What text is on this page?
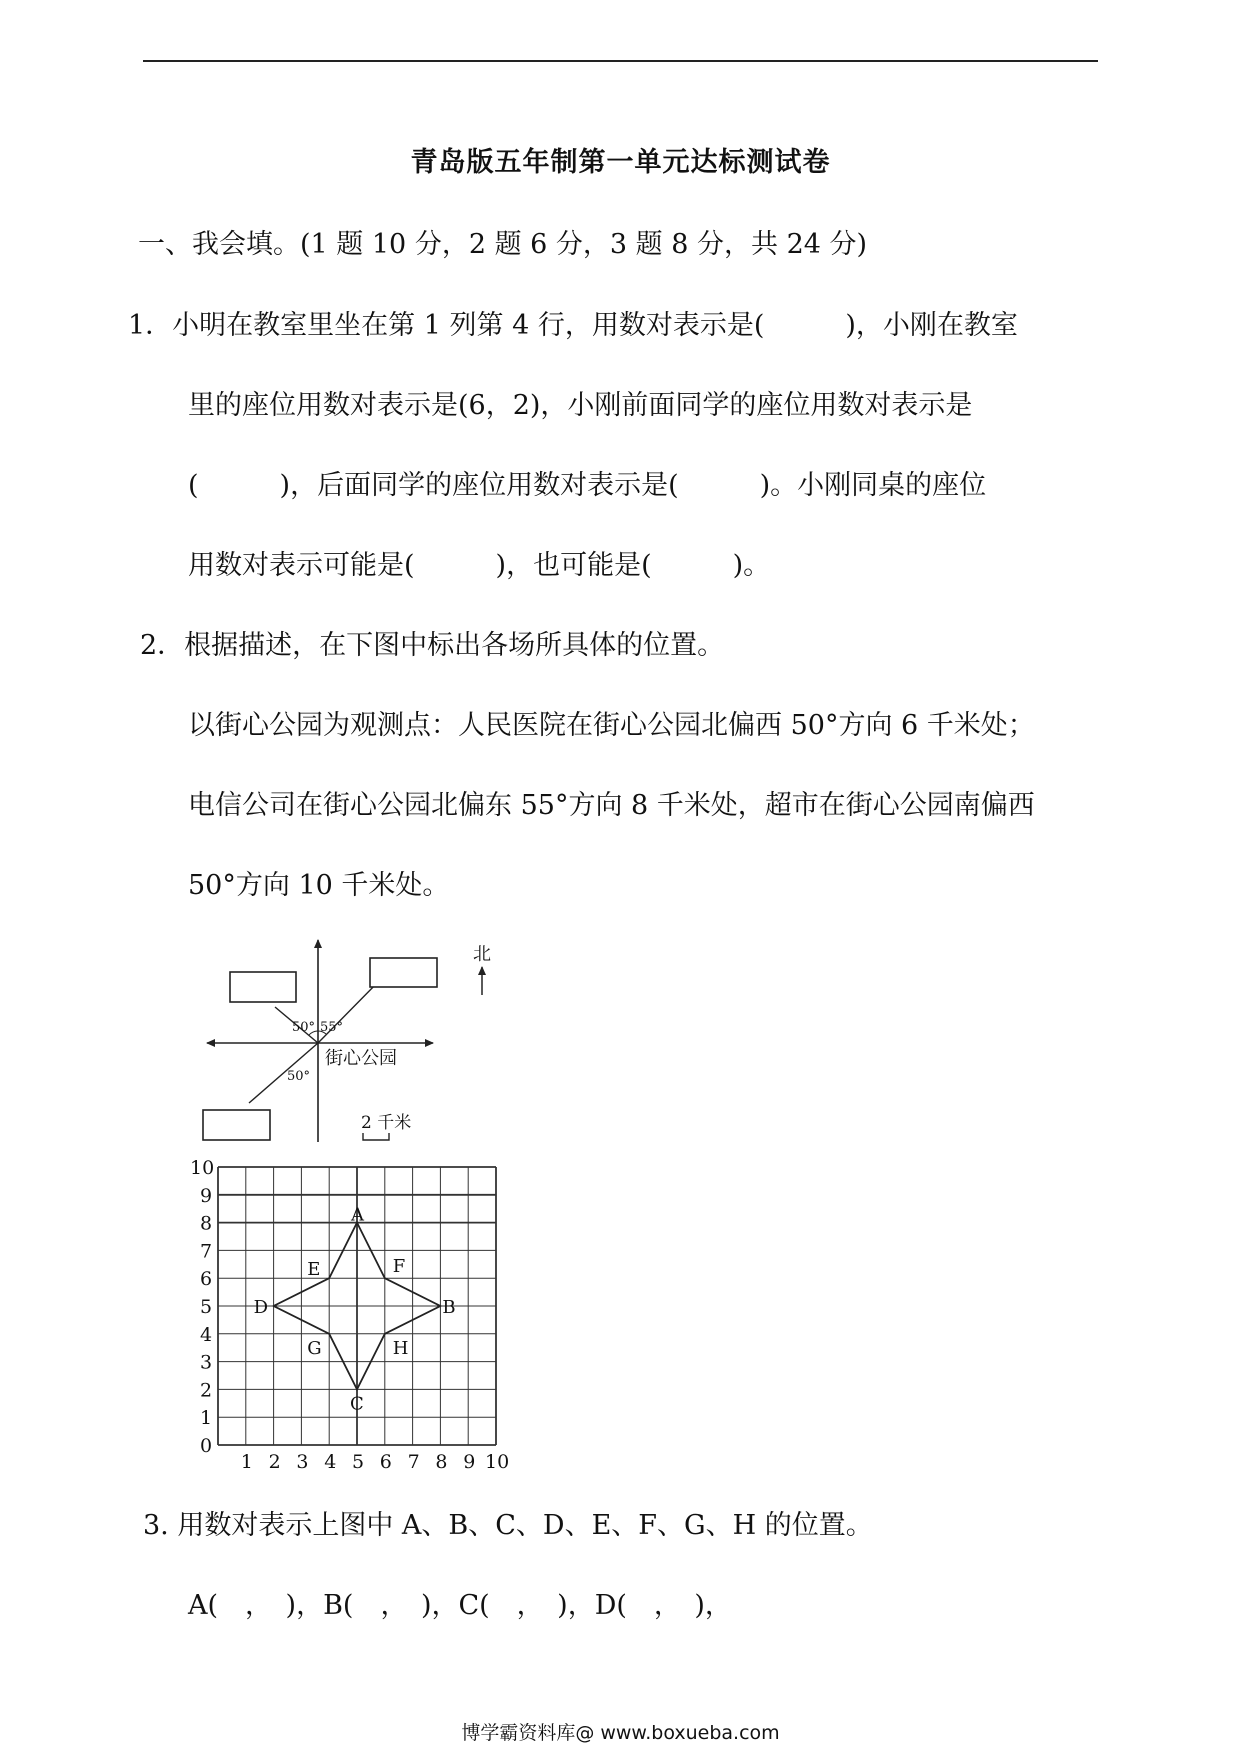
青岛版五年制第一单元达标测试卷
一、我会填。(1 题 10 分，2 题 6 分，3 题 8 分，共 24 分)
1．小明在教室里坐在第 1 列第 4 行，用数对表示是(　　　)，小刚在教室
里的座位用数对表示是(6，2)，小刚前面同学的座位用数对表示是
(　　　)，后面同学的座位用数对表示是(　　　)。小刚同桌的座位
用数对表示可能是(　　　)，也可能是(　　　)。
2．根据描述，在下图中标出各场所具体的位置。
以街心公园为观测点：人民医院在街心公园北偏西 50°方向 6 千米处；
电信公司在街心公园北偏东 55°方向 8 千米处，超市在街心公园南偏西
50°方向 10 千米处。
50° 55°
50°
街心公园
北
2 千米
1 2 3 4 5 6 7 8 9 10
0
1
2
3
4
5
6
7
8
9
10
A
F
B
H
C
G
D
E
3. 用数对表示上图中 A、B、C、D、E、F、G、H 的位置。
A(　，　)，B(　，　)，C(　，　)，D(　，　)，
博学霸资料库@ www.boxueba.com
